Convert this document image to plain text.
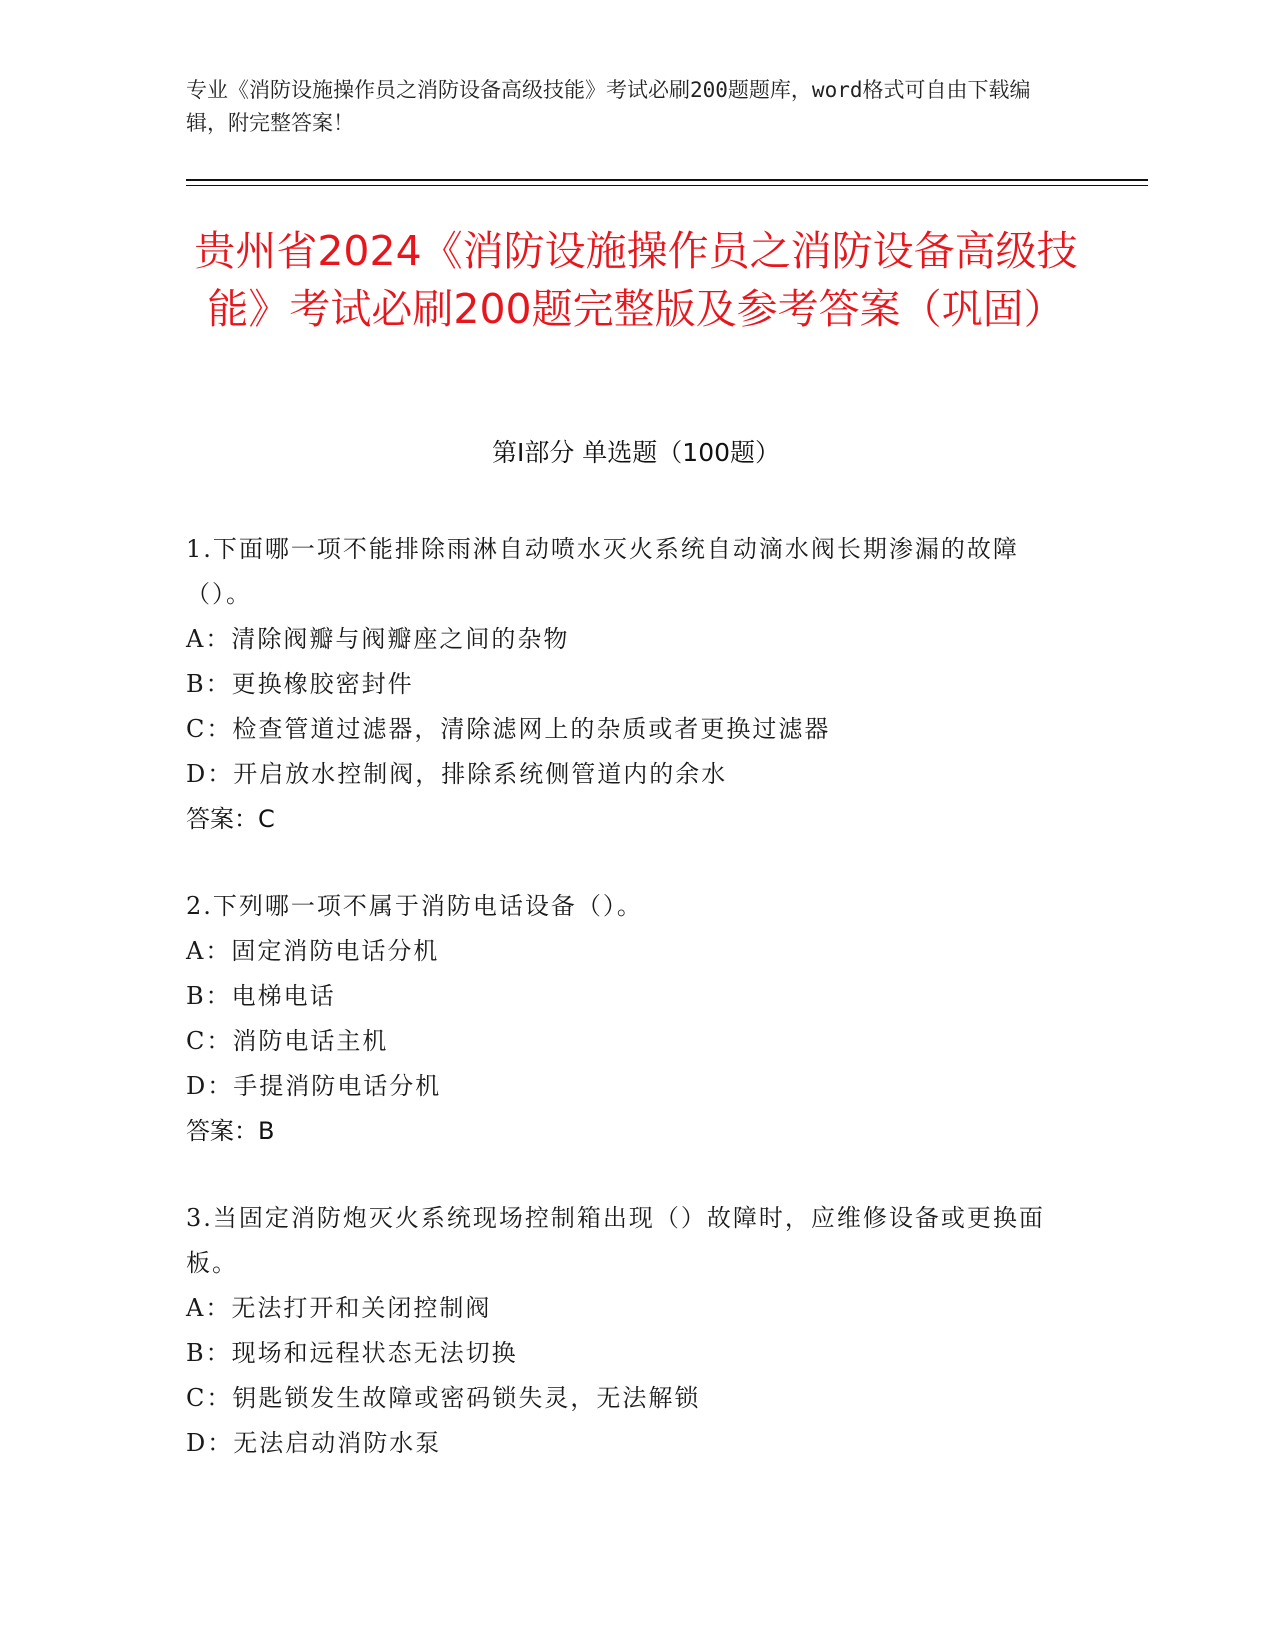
专业《消防设施操作员之消防设备高级技能》考试必刷200题题库，word格式可自由下载编辑，附完整答案！
贵州省2024《消防设施操作员之消防设备高级技能》考试必刷200题完整版及参考答案（巩固）
第I部分 单选题（100题）
1.下面哪一项不能排除雨淋自动喷水灭火系统自动滴水阀长期渗漏的故障（）。
A：清除阀瓣与阀瓣座之间的杂物
B：更换橡胶密封件
C：检查管道过滤器，清除滤网上的杂质或者更换过滤器
D：开启放水控制阀，排除系统侧管道内的余水
答案：C
2.下列哪一项不属于消防电话设备（）。
A：固定消防电话分机
B：电梯电话
C：消防电话主机
D：手提消防电话分机
答案：B
3.当固定消防炮灭火系统现场控制箱出现（）故障时，应维修设备或更换面板。
A：无法打开和关闭控制阀
B：现场和远程状态无法切换
C：钥匙锁发生故障或密码锁失灵，无法解锁
D：无法启动消防水泵
